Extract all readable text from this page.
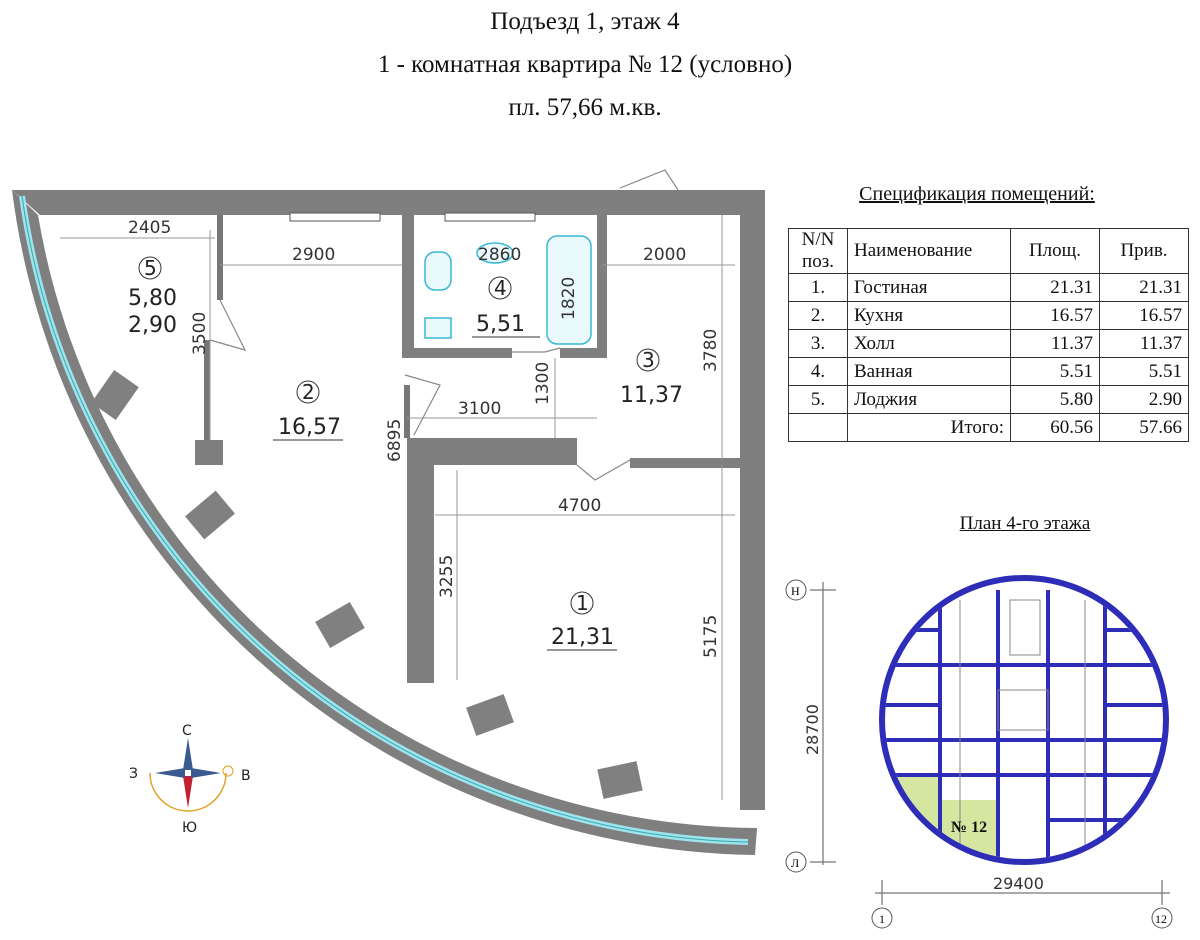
Подъезд 1, этаж 4
1 - комнатная квартира № 12 (условно)
пл. 57,66 м.кв.
2405
2900	2860	2000
1820
3500	3780
1300
3100
6895
4700
3255
5175
5
5,80
2,90
4
5,51
3
11,37
2
16,57
1
21,31
С
Ю
З	В
Спецификация помещений:
N/N поз.	Наименование	Площ.	Прив.
1.	Гостиная	21.31	21.31
2.	Кухня	16.57	16.57
3.	Холл	11.37	11.37
4.	Ванная	5.51	5.51
5.	Лоджия	5.80	2.90
	Итого:	60.56	57.66
План 4-го этажа
№ 12
Н
Л
28700
29400
1	12
